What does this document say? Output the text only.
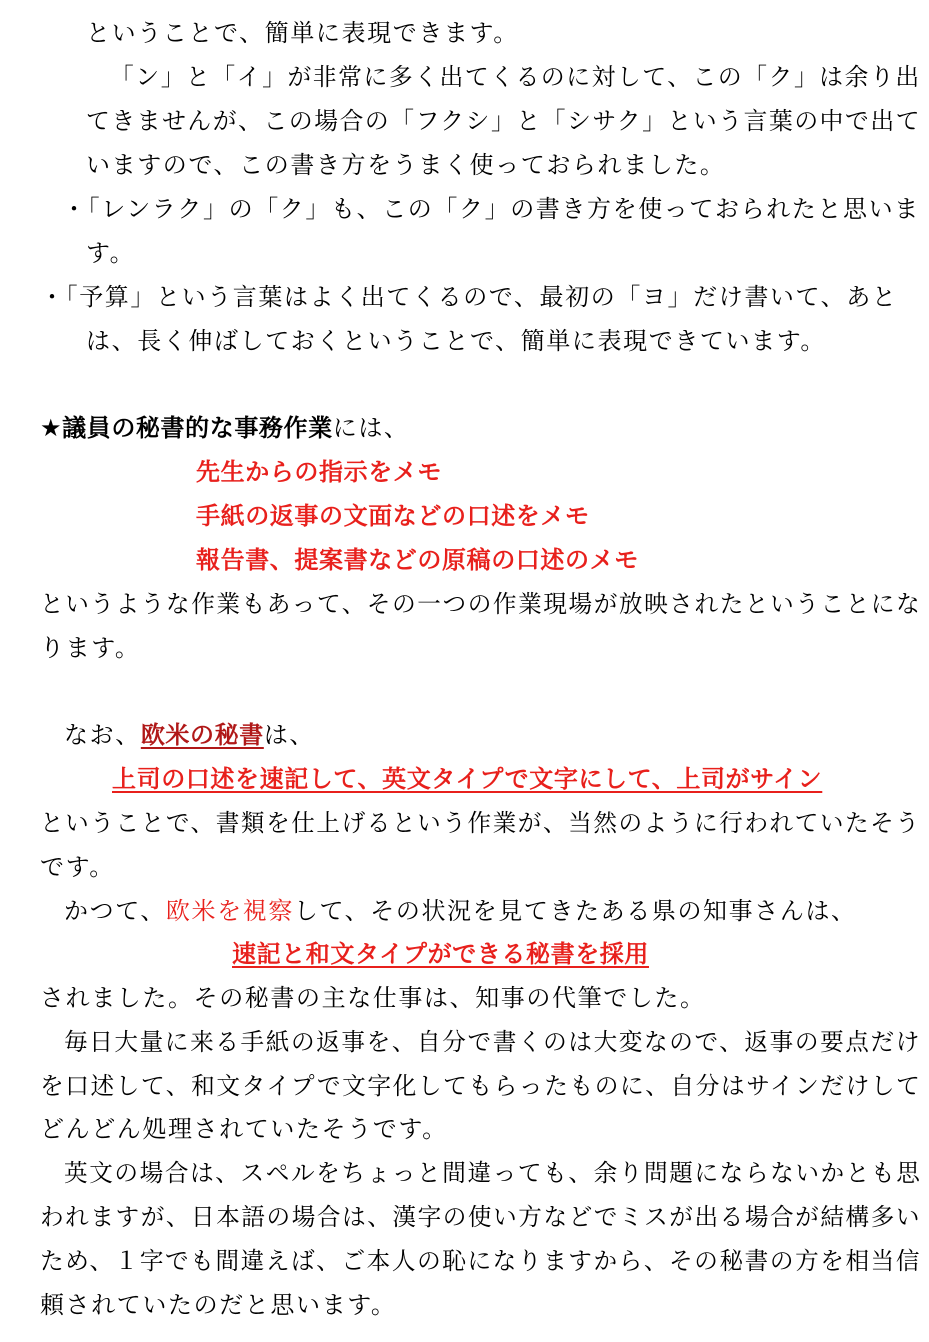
ということで、簡単に表現できます。
「ン」と「イ」が非常に多く出てくるのに対して、この「ク」は余り出
てきませんが、この場合の「フクシ」と「シサク」という言葉の中で出て
いますので、この書き方をうまく使っておられました。
・「レンラク」の「ク」も、この「ク」の書き方を使っておられたと思いま
す。
・「予算」という言葉はよく出てくるので、最初の「ヨ」だけ書いて、あと
は、長く伸ばしておくということで、簡単に表現できています。
★議員の秘書的な事務作業には、
先生からの指示をメモ
手紙の返事の文面などの口述をメモ
報告書、提案書などの原稿の口述のメモ
というような作業もあって、その一つの作業現場が放映されたということにな
ります。
なお、欧米の秘書は、
上司の口述を速記して、英文タイプで文字にして、上司がサイン
ということで、書類を仕上げるという作業が、当然のように行われていたそう
です。
かつて、欧米を視察して、その状況を見てきたある県の知事さんは、
速記と和文タイプができる秘書を採用
されました。その秘書の主な仕事は、知事の代筆でした。
毎日大量に来る手紙の返事を、自分で書くのは大変なので、返事の要点だけ
を口述して、和文タイプで文字化してもらったものに、自分はサインだけして
どんどん処理されていたそうです。
英文の場合は、スペルをちょっと間違っても、余り問題にならないかとも思
われますが、日本語の場合は、漢字の使い方などでミスが出る場合が結構多い
ため、１字でも間違えば、ご本人の恥になりますから、その秘書の方を相当信
頼されていたのだと思います。
